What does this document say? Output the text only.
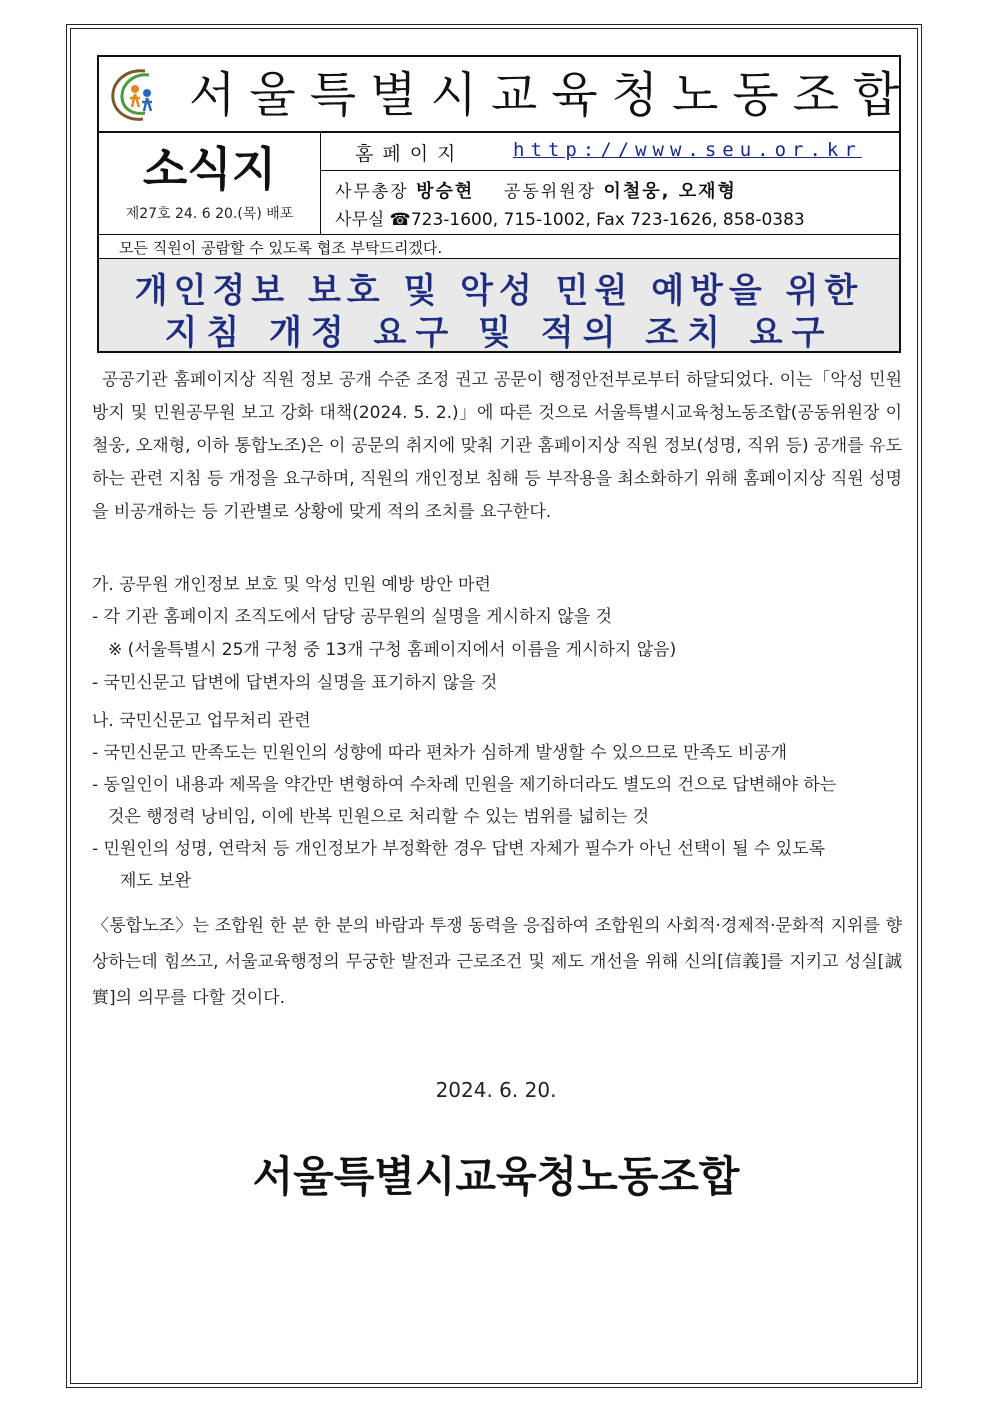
서울특별시교육청노동조합
소식지
제27호 24. 6 20.(목) 배포
홈페이지	http://www.seu.or.kr
사무총장 방승현 공동위원장 이철웅, 오재형
사무실 ☎723-1600, 715-1002, Fax 723-1626, 858-0383
모든 직원이 공람할 수 있도록 협조 부탁드리겠다.
개인정보 보호 및 악성 민원 예방을 위한
지침 개정 요구 및 적의 조치 요구
공공기관 홈페이지상 직원 정보 공개 수준 조정 권고 공문이 행정안전부로부터 하달되었다. 이는「악성 민원 방지 및 민원공무원 보고 강화 대책(2024. 5. 2.)」에 따른 것으로 서울특별시교육청노동조합(공동위원장 이철웅, 오재형, 이하 통합노조)은 이 공문의 취지에 맞춰 기관 홈페이지상 직원 정보(성명, 직위 등) 공개를 유도하는 관련 지침 등 개정을 요구하며, 직원의 개인정보 침해 등 부작용을 최소화하기 위해 홈페이지상 직원 성명을 비공개하는 등 기관별로 상황에 맞게 적의 조치를 요구한다.
가. 공무원 개인정보 보호 및 악성 민원 예방 방안 마련
- 각 기관 홈페이지 조직도에서 담당 공무원의 실명을 게시하지 않을 것
※ (서울특별시 25개 구청 중 13개 구청 홈페이지에서 이름을 게시하지 않음)
- 국민신문고 답변에 답변자의 실명을 표기하지 않을 것
나. 국민신문고 업무처리 관련
- 국민신문고 만족도는 민원인의 성향에 따라 편차가 심하게 발생할 수 있으므로 만족도 비공개
- 동일인이 내용과 제목을 약간만 변형하여 수차례 민원을 제기하더라도 별도의 건으로 답변해야 하는
것은 행정력 낭비임, 이에 반복 민원으로 처리할 수 있는 범위를 넓히는 것
- 민원인의 성명, 연락처 등 개인정보가 부정확한 경우 답변 자체가 필수가 아닌 선택이 될 수 있도록
제도 보완
〈통합노조〉는 조합원 한 분 한 분의 바람과 투쟁 동력을 응집하여 조합원의 사회적·경제적·문화적 지위를 향상하는데 힘쓰고, 서울교육행정의 무궁한 발전과 근로조건 및 제도 개선을 위해 신의[信義]를 지키고 성실[誠實]의 의무를 다할 것이다.
2024. 6. 20.
서울특별시교육청노동조합
